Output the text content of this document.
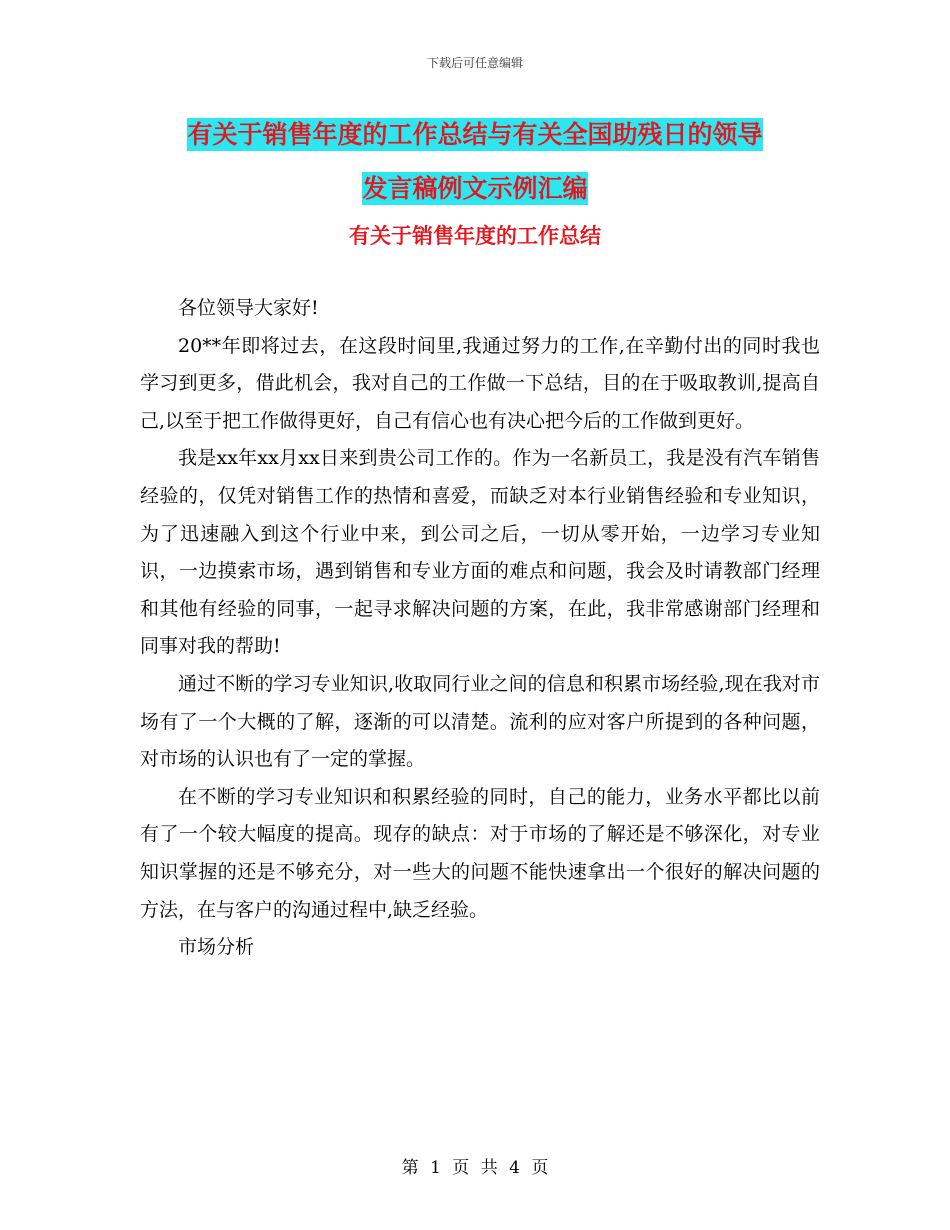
下载后可任意编辑
有关于销售年度的工作总结与有关全国助残日的领导
发言稿例文示例汇编
有关于销售年度的工作总结

各位领导大家好!

20**年即将过去，在这段时间里,我通过努力的工作,在辛勤付出的同时我也学习到更多，借此机会，我对自己的工作做一下总结，目的在于吸取教训,提高自己,以至于把工作做得更好，自己有信心也有决心把今后的工作做到更好。

我是xx年xx月xx日来到贵公司工作的。作为一名新员工，我是没有汽车销售经验的，仅凭对销售工作的热情和喜爱，而缺乏对本行业销售经验和专业知识，为了迅速融入到这个行业中来，到公司之后，一切从零开始，一边学习专业知识，一边摸索市场，遇到销售和专业方面的难点和问题，我会及时请教部门经理和其他有经验的同事，一起寻求解决问题的方案，在此，我非常感谢部门经理和同事对我的帮助!

通过不断的学习专业知识,收取同行业之间的信息和积累市场经验,现在我对市场有了一个大概的了解，逐渐的可以清楚。流利的应对客户所提到的各种问题，对市场的认识也有了一定的掌握。

在不断的学习专业知识和积累经验的同时，自己的能力，业务水平都比以前有了一个较大幅度的提高。现存的缺点：对于市场的了解还是不够深化，对专业知识掌握的还是不够充分，对一些大的问题不能快速拿出一个很好的解决问题的方法，在与客户的沟通过程中,缺乏经验。

市场分析

第 1 页 共 4 页
